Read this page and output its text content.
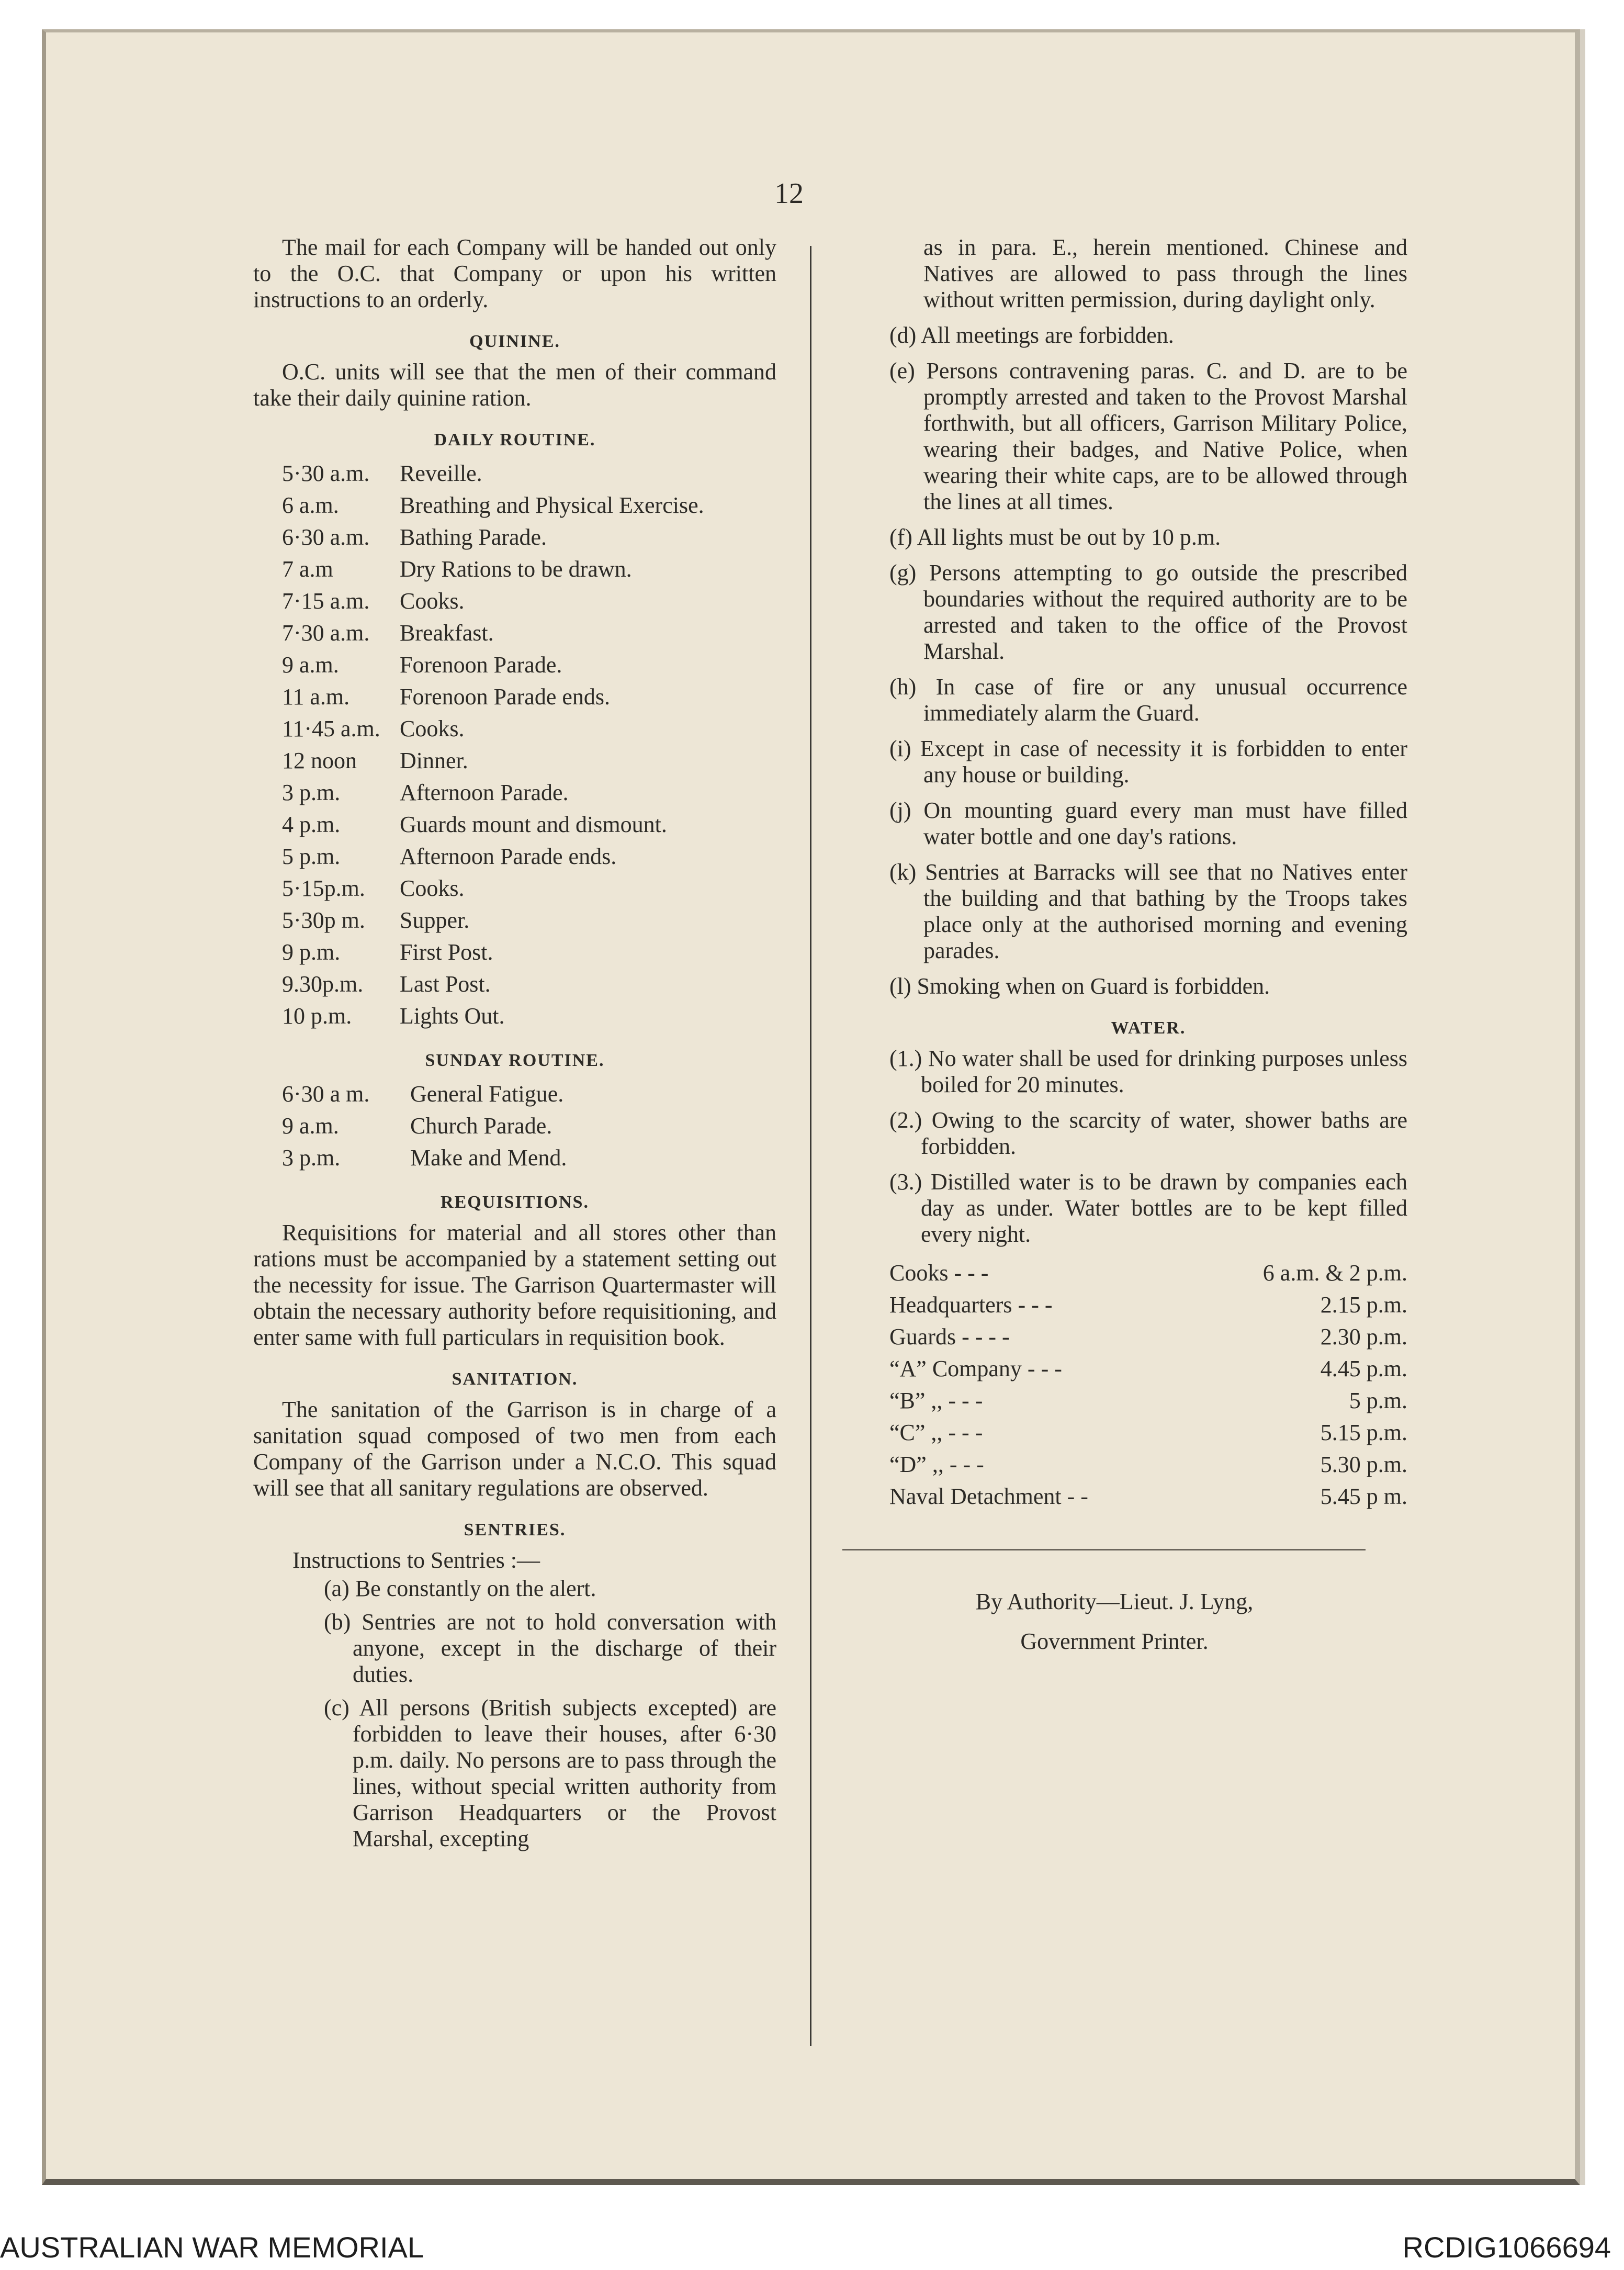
12

The mail for each Company will be handed out only to the O.C. that Company or upon his written instructions to an orderly.

QUININE.

O.C. units will see that the men of their command take their daily quinine ration.

DAILY ROUTINE.
5·30 a.m.	Reveille.
6 a.m.	Breathing and Physical Exercise.
6·30 a.m.	Bathing Parade.
7 a.m	Dry Rations to be drawn.
7·15 a.m.	Cooks.
7·30 a.m.	Breakfast.
9 a.m.	Forenoon Parade.
11 a.m.	Forenoon Parade ends.
11·45 a.m. Cooks.
12 noon	Dinner.
3 p.m.	Afternoon Parade.
4 p.m.	Guards mount and dismount.
5 p.m.	Afternoon Parade ends.
5·15p.m.	Cooks.
5·30p m.	Supper.
9 p.m.	First Post.
9.30p.m.	Last Post.
10 p.m.	Lights Out.
SUNDAY ROUTINE.
6·30 a m.	General Fatigue.
9 a.m.	Church Parade.
3 p.m.	Make and Mend.
REQUISITIONS.

Requisitions for material and all stores other than rations must be accompanied by a statement setting out the necessity for issue. The Garrison Quartermaster will obtain the necessary authority before requisitioning, and enter same with full particulars in requisition book.

SANITATION.

The sanitation of the Garrison is in charge of a sanitation squad composed of two men from each Company of the Garrison under a N.C.O. This squad will see that all sanitary regulations are observed.

SENTRIES.

Instructions to Sentries :—

(a) Be constantly on the alert.

(b) Sentries are not to hold conversation with anyone, except in the discharge of their duties.

(c) All persons (British subjects excepted) are forbidden to leave their houses, after 6·30 p.m. daily. No persons are to pass through the lines, without special written authority from Garrison Headquarters or the Provost Marshal, excepting

as in para. E., herein mentioned. Chinese and Natives are allowed to pass through the lines without written permission, during daylight only.

(d) All meetings are forbidden.

(e) Persons contravening paras. C. and D. are to be promptly arrested and taken to the Provost Marshal forthwith, but all officers, Garrison Military Police, wearing their badges, and Native Police, when wearing their white caps, are to be allowed through the lines at all times.

(f) All lights must be out by 10 p.m.

(g) Persons attempting to go outside the prescribed boundaries without the required authority are to be arrested and taken to the office of the Provost Marshal.

(h) In case of fire or any unusual occurrence immediately alarm the Guard.

(i) Except in case of necessity it is forbidden to enter any house or building.

(j) On mounting guard every man must have filled water bottle and one day's rations.

(k) Sentries at Barracks will see that no Natives enter the building and that bathing by the Troops takes place only at the authorised morning and evening parades.

(l) Smoking when on Guard is forbidden.

WATER.

(1.) No water shall be used for drinking purposes unless boiled for 20 minutes.

(2.) Owing to the scarcity of water, shower baths are forbidden.

(3.) Distilled water is to be drawn by companies each day as under. Water bottles are to be kept filled every night.

Cooks - - -	6 a.m. & 2 p.m.
Headquarters - - -	2.15 p.m.
Guards - - - -	2.30 p.m.
“A” Company - - -	4.45 p.m.
“B” ,, - - -	5 p.m.
“C” ,, - - -	5.15 p.m.
“D” ,, - - -	5.30 p.m.
Naval Detachment - -	5.45 p m.
By Authority—Lieut. J. Lyng,
Government Printer.
AUSTRALIAN WAR MEMORIAL	RCDIG1066694
